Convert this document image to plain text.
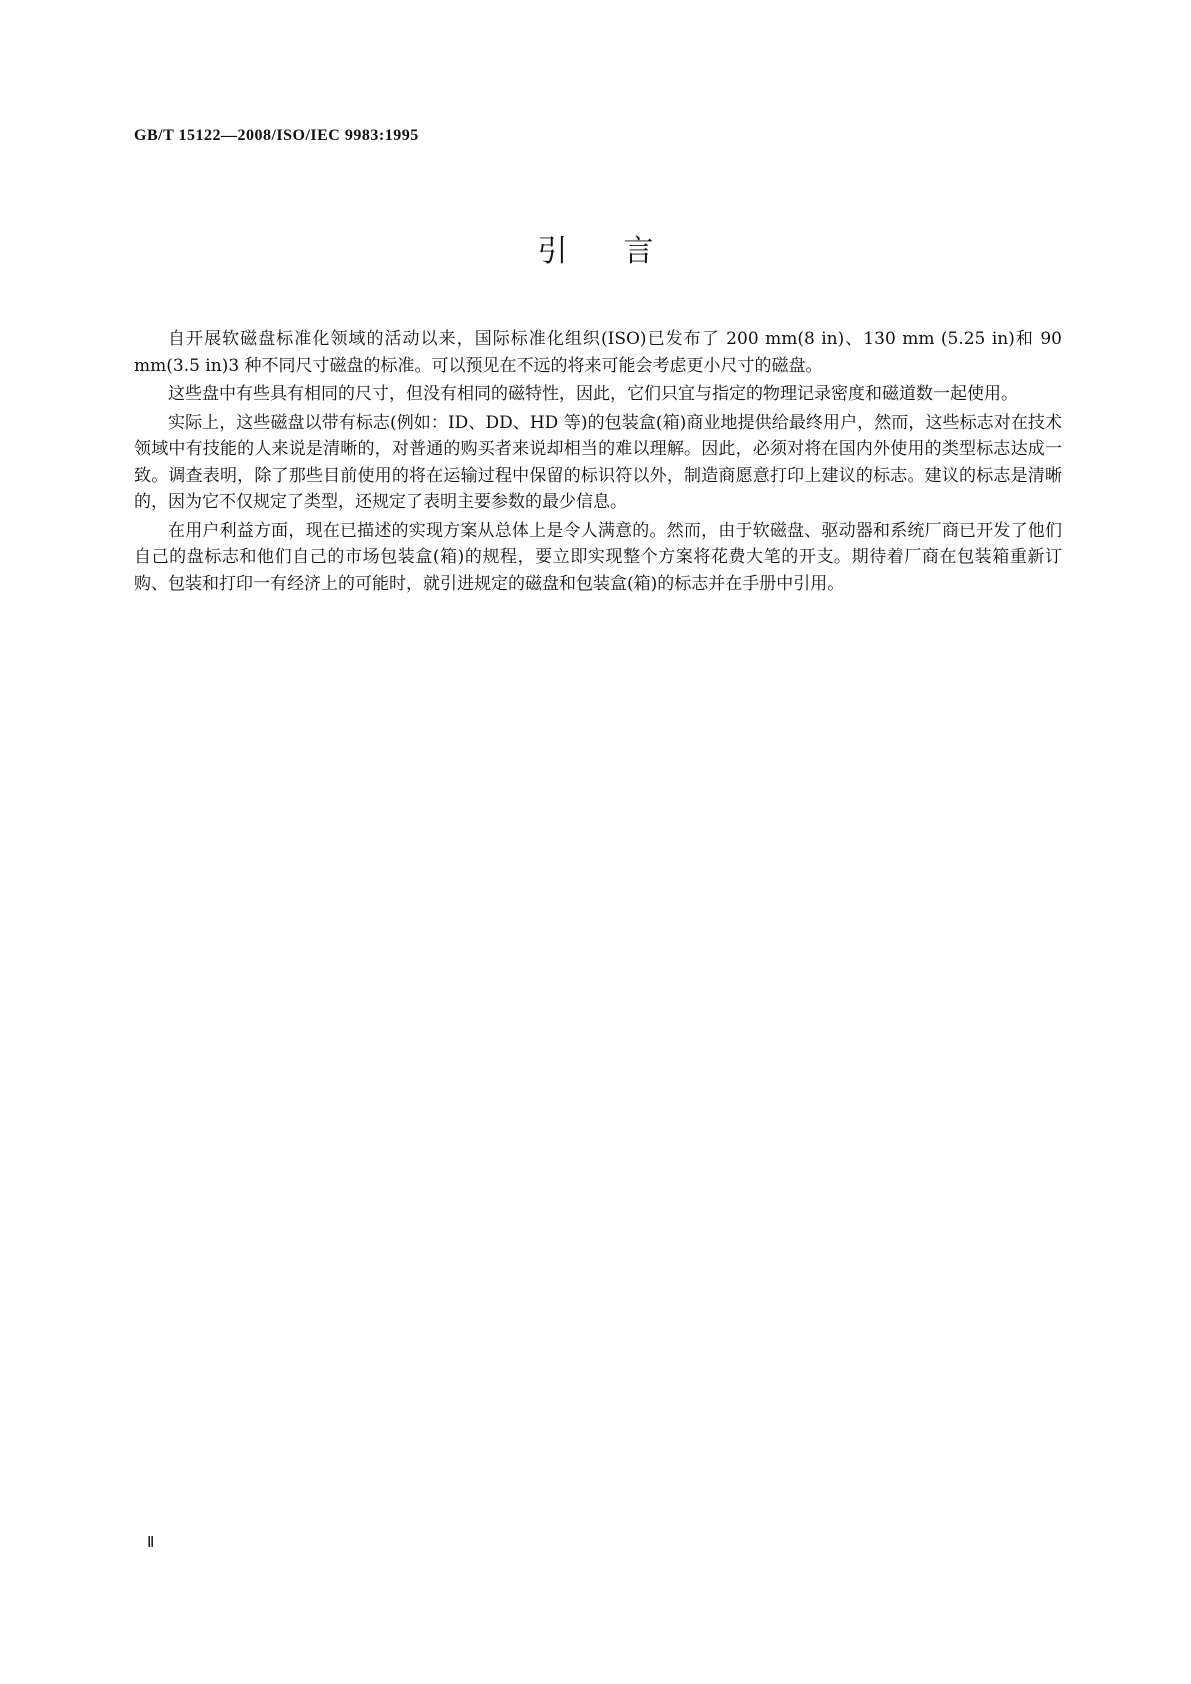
GB/T 15122—2008/ISO/IEC 9983:1995
引言

自开展软磁盘标准化领域的活动以来，国际标准化组织(ISO)已发布了 200 mm(8 in)、130 mm (5.25 in)和 90 mm(3.5 in)3 种不同尺寸磁盘的标准。可以预见在不远的将来可能会考虑更小尺寸的磁盘。

这些盘中有些具有相同的尺寸，但没有相同的磁特性，因此，它们只宜与指定的物理记录密度和磁道数一起使用。

实际上，这些磁盘以带有标志(例如：ID、DD、HD 等)的包装盒(箱)商业地提供给最终用户，然而，这些标志对在技术领域中有技能的人来说是清晰的，对普通的购买者来说却相当的难以理解。因此，必须对将在国内外使用的类型标志达成一致。调查表明，除了那些目前使用的将在运输过程中保留的标识符以外，制造商愿意打印上建议的标志。建议的标志是清晰的，因为它不仅规定了类型，还规定了表明主要参数的最少信息。

在用户利益方面，现在已描述的实现方案从总体上是令人满意的。然而，由于软磁盘、驱动器和系统厂商已开发了他们自己的盘标志和他们自己的市场包装盒(箱)的规程，要立即实现整个方案将花费大笔的开支。期待着厂商在包装箱重新订购、包装和打印一有经济上的可能时，就引进规定的磁盘和包装盒(箱)的标志并在手册中引用。

Ⅱ
